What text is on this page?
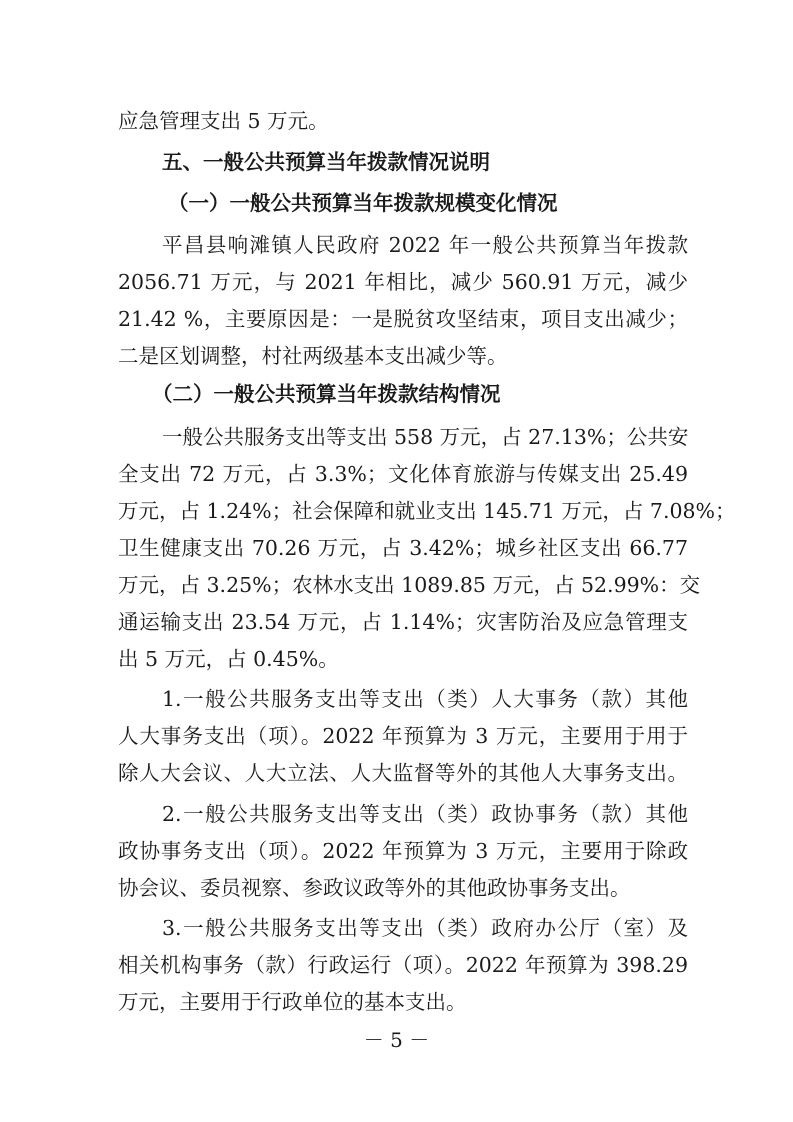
应急管理支出 5 万元。
五、一般公共预算当年拨款情况说明
（一）一般公共预算当年拨款规模变化情况
平昌县响滩镇人民政府 2022 年一般公共预算当年拨款
2056.71 万元，与 2021 年相比，减少 560.91 万元，减少
21.42 %，主要原因是：一是脱贫攻坚结束，项目支出减少；
二是区划调整，村社两级基本支出减少等。
（二）一般公共预算当年拨款结构情况
一般公共服务支出等支出 558 万元，占 27.13%；公共安
全支出 72 万元，占 3.3%；文化体育旅游与传媒支出 25.49
万元，占 1.24%；社会保障和就业支出 145.71 万元，占 7.08%；
卫生健康支出 70.26 万元，占 3.42%；城乡社区支出 66.77
万元，占 3.25%；农林水支出 1089.85 万元，占 52.99%：交
通运输支出 23.54 万元，占 1.14%；灾害防治及应急管理支
出 5 万元，占 0.45%。
1.一般公共服务支出等支出（类）人大事务（款）其他
人大事务支出（项）。2022 年预算为 3 万元，主要用于用于
除人大会议、人大立法、人大监督等外的其他人大事务支出。
2.一般公共服务支出等支出（类）政协事务（款）其他
政协事务支出（项）。2022 年预算为 3 万元，主要用于除政
协会议、委员视察、参政议政等外的其他政协事务支出。
3.一般公共服务支出等支出（类）政府办公厅（室）及
相关机构事务（款）行政运行（项）。2022 年预算为 398.29
万元，主要用于行政单位的基本支出。
－ 5 －
